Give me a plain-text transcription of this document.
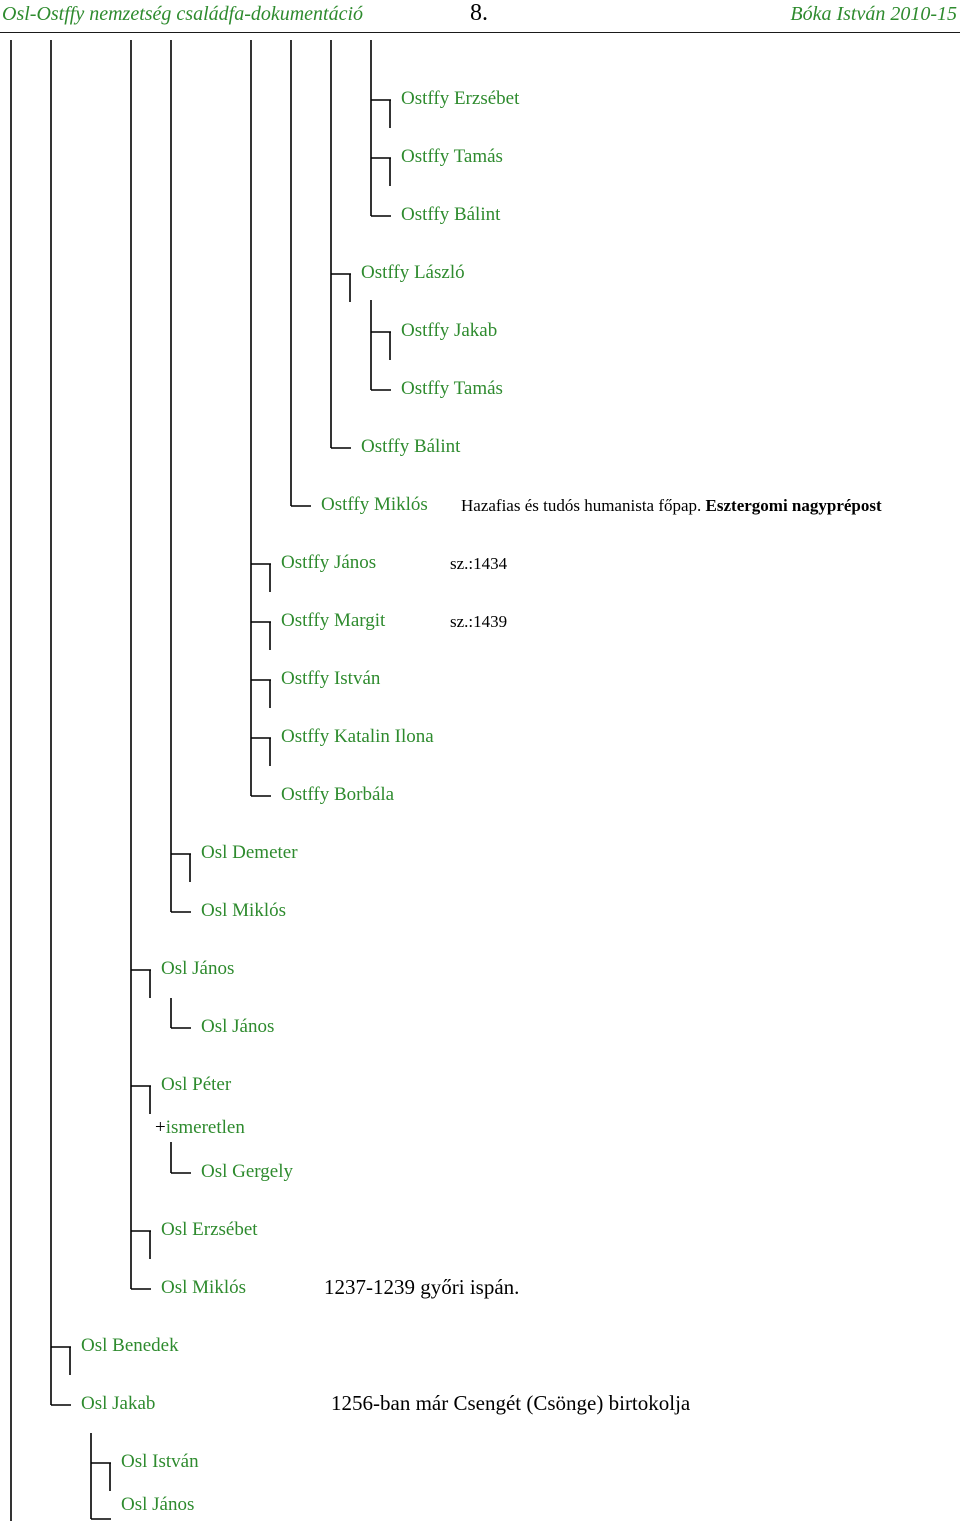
Osl-Ostffy nemzetség családfa-dokumentáció	8.	Bóka István 2010-15
Ostffy Erzsébet
Ostffy Tamás
Ostffy Bálint
Ostffy László
Ostffy Jakab
Ostffy Tamás
Ostffy Bálint
Ostffy Miklós Hazafias és tudós humanista főpap. Esztergomi nagyprépost
Ostffy János	sz.:1434
Ostffy Margit	sz.:1439
Ostffy István
Ostffy Katalin Ilona
Ostffy Borbála
Osl Demeter
Osl Miklós
Osl János
Osl János
Osl Péter
+ismeretlen
Osl Gergely
Osl Erzsébet
Osl Miklós	1237-1239 győri ispán.
Osl Benedek
Osl Jakab	1256-ban már Csengét (Csönge) birtokolja
Osl István
Osl János
